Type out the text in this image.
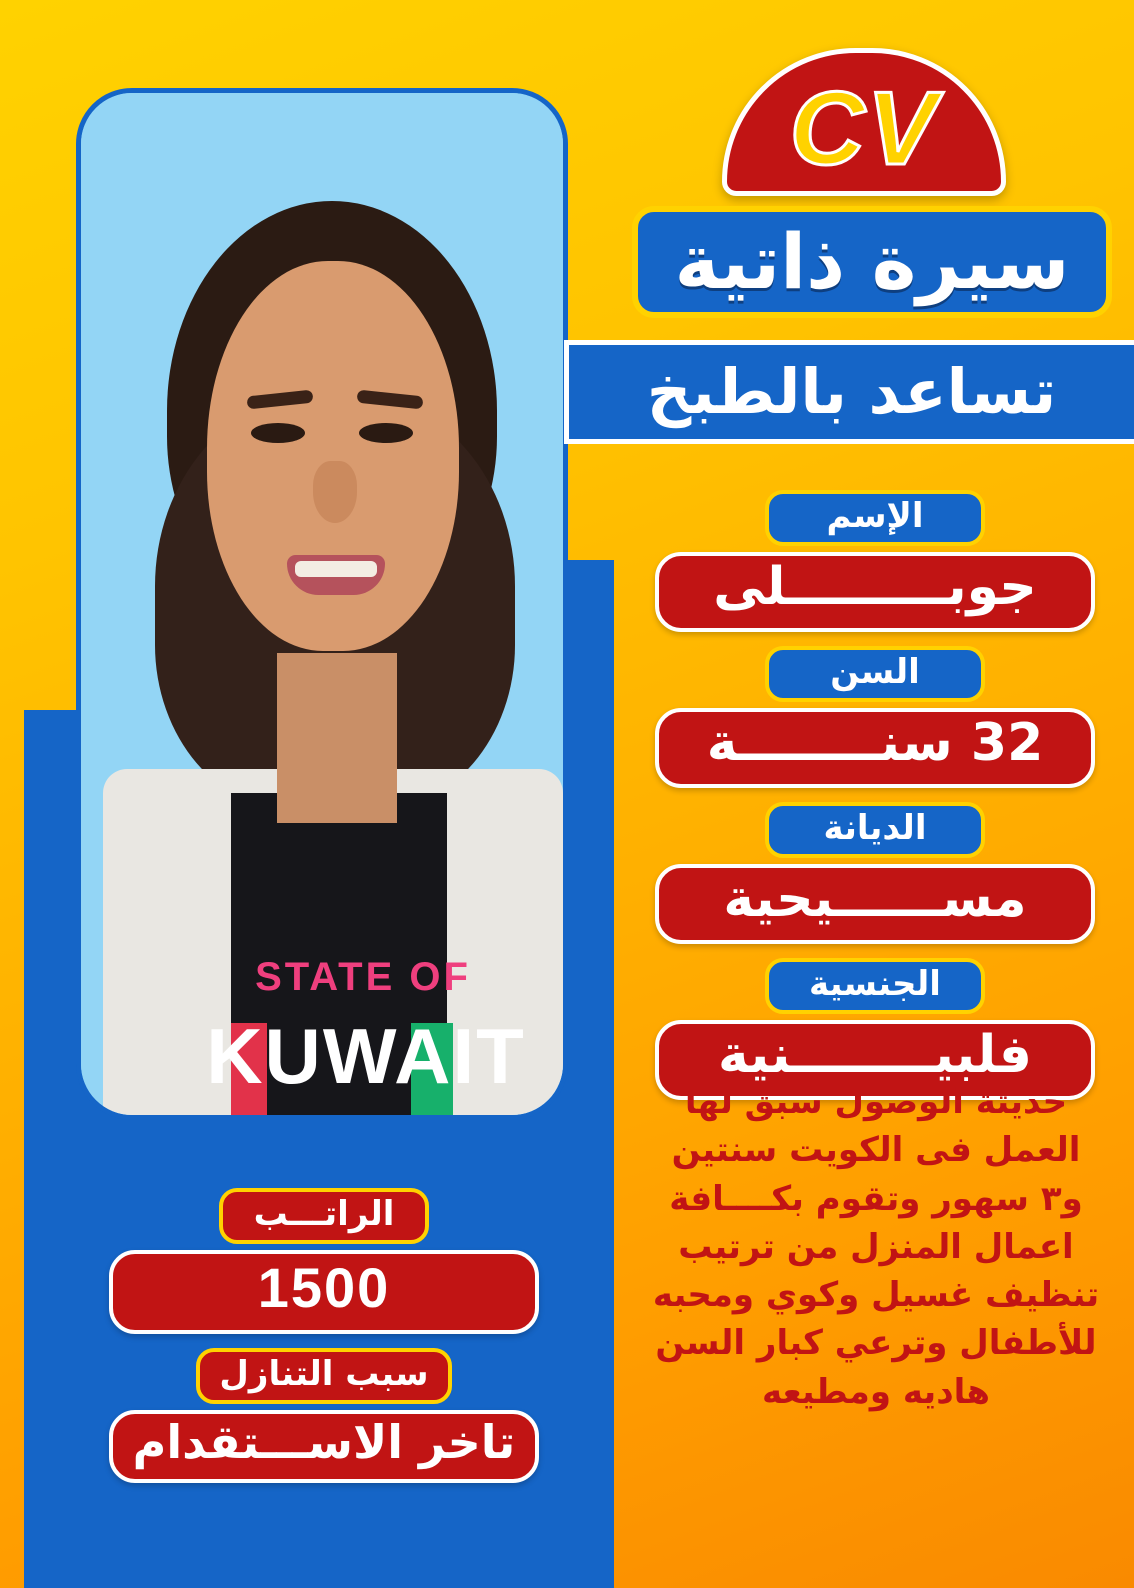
STATE OF
KUWAIT
CV
سيرة ذاتية
تساعد بالطبخ
الإسم
جوبـــــــــلى
السن
32 سنــــــــة
الديانة
مســــــيحية
الجنسية
فلبيــــــــنية
حديثة الوصول سبق لها العمل فى الكويت سنتين و٣ سهور وتقوم بكــــافة اعمال المنزل من ترتيب تنظيف غسيل وكوي ومحبه للأطفال وترعي كبار السن هاديه ومطيعه
الراتـــب
1500
سبب التنازل
تاخر الاســـتقدام
